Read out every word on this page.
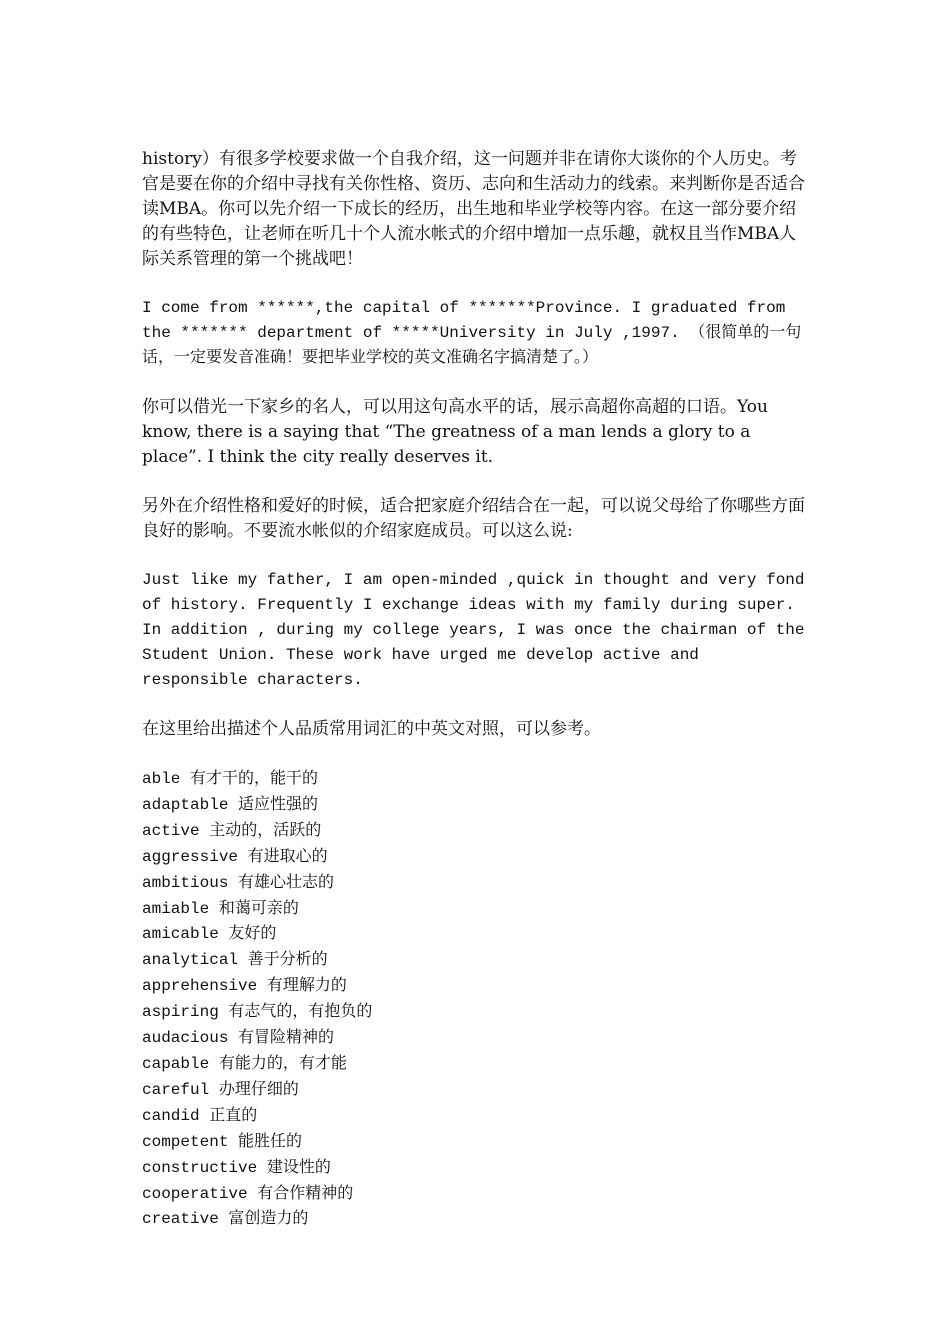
history）有很多学校要求做一个自我介绍，这一问题并非在请你大谈你的个人历史。考官是要在你的介绍中寻找有关你性格、资历、志向和生活动力的线索。来判断你是否适合读MBA。你可以先介绍一下成长的经历，出生地和毕业学校等内容。在这一部分要介绍的有些特色，让老师在听几十个人流水帐式的介绍中增加一点乐趣，就权且当作MBA人际关系管理的第一个挑战吧！

I come from ******,the capital of *******Province. I graduated from the ******* department of *****University in July ,1997. （很简单的一句话，一定要发音准确！要把毕业学校的英文准确名字搞清楚了。）

你可以借光一下家乡的名人，可以用这句高水平的话，展示高超你高超的口语。You know, there is a saying that “The greatness of a man lends a glory to a place”. I think the city really deserves it.

另外在介绍性格和爱好的时候，适合把家庭介绍结合在一起，可以说父母给了你哪些方面良好的影响。不要流水帐似的介绍家庭成员。可以这么说:

Just like my father, I am open-minded ,quick in thought and very fond of history. Frequently I exchange ideas with my family during super. In addition , during my college years, I was once the chairman of the Student Union. These work have urged me develop active and responsible characters.

在这里给出描述个人品质常用词汇的中英文对照，可以参考。

able 有才干的，能干的
adaptable 适应性强的
active 主动的，活跃的
aggressive 有进取心的
ambitious 有雄心壮志的
amiable 和蔼可亲的
amicable 友好的
analytical 善于分析的
apprehensive 有理解力的
aspiring 有志气的，有抱负的
audacious 有冒险精神的
capable 有能力的，有才能
careful 办理仔细的
candid 正直的
competent 能胜任的
constructive 建设性的
cooperative 有合作精神的
creative 富创造力的
